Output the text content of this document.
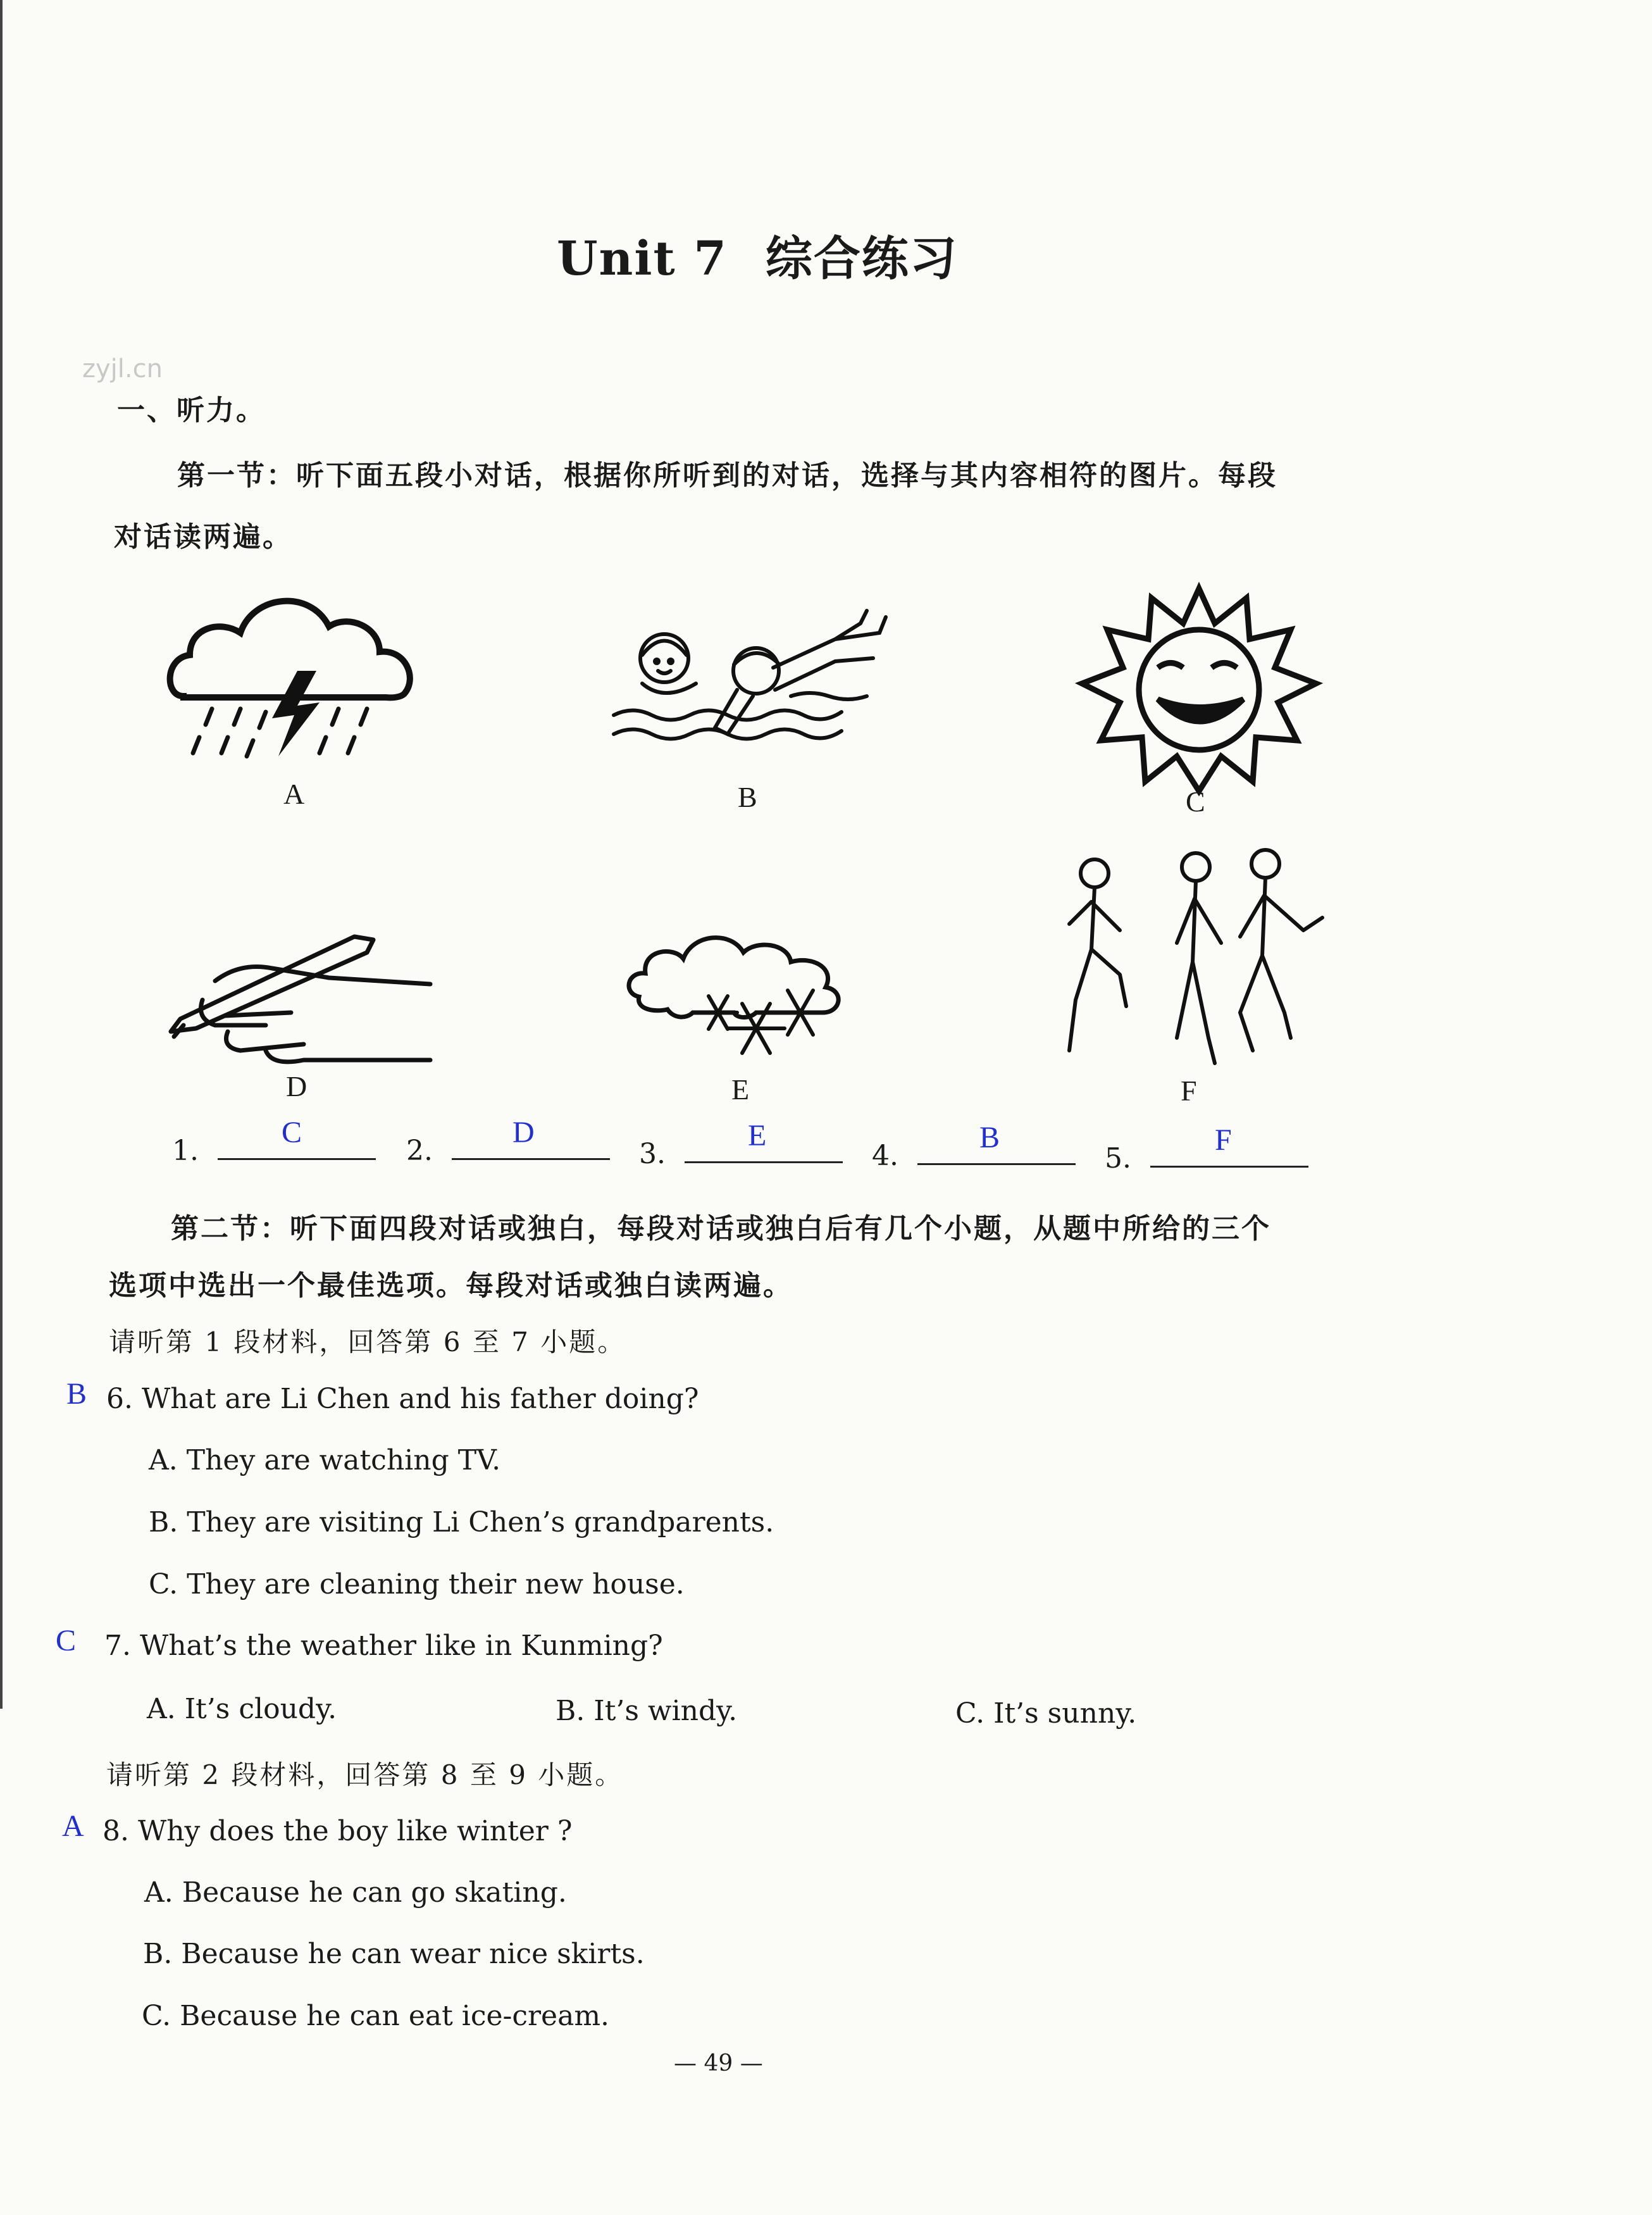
Unit 7 综合练习
zyjl.cn
一、听力。
第一节：听下面五段小对话，根据你所听到的对话，选择与其内容相符的图片。每段
对话读两遍。
A	B	C
D	E	F
1.
C
2.
D
3.
E
4.
B
5.
F
第二节：听下面四段对话或独白，每段对话或独白后有几个小题，从题中所给的三个
选项中选出一个最佳选项。每段对话或独白读两遍。
请听第 1 段材料，回答第 6 至 7 小题。
B 6. What are Li Chen and his father doing?
A. They are watching TV.
B. They are visiting Li Chen’s grandparents.
C. They are cleaning their new house.
C 7. What’s the weather like in Kunming?
A. It’s cloudy.	B. It’s windy.	C. It’s sunny.
请听第 2 段材料，回答第 8 至 9 小题。
A 8. Why does the boy like winter ?
A. Because he can go skating.
B. Because he can wear nice skirts.
C. Because he can eat ice-cream.
— 49 —
